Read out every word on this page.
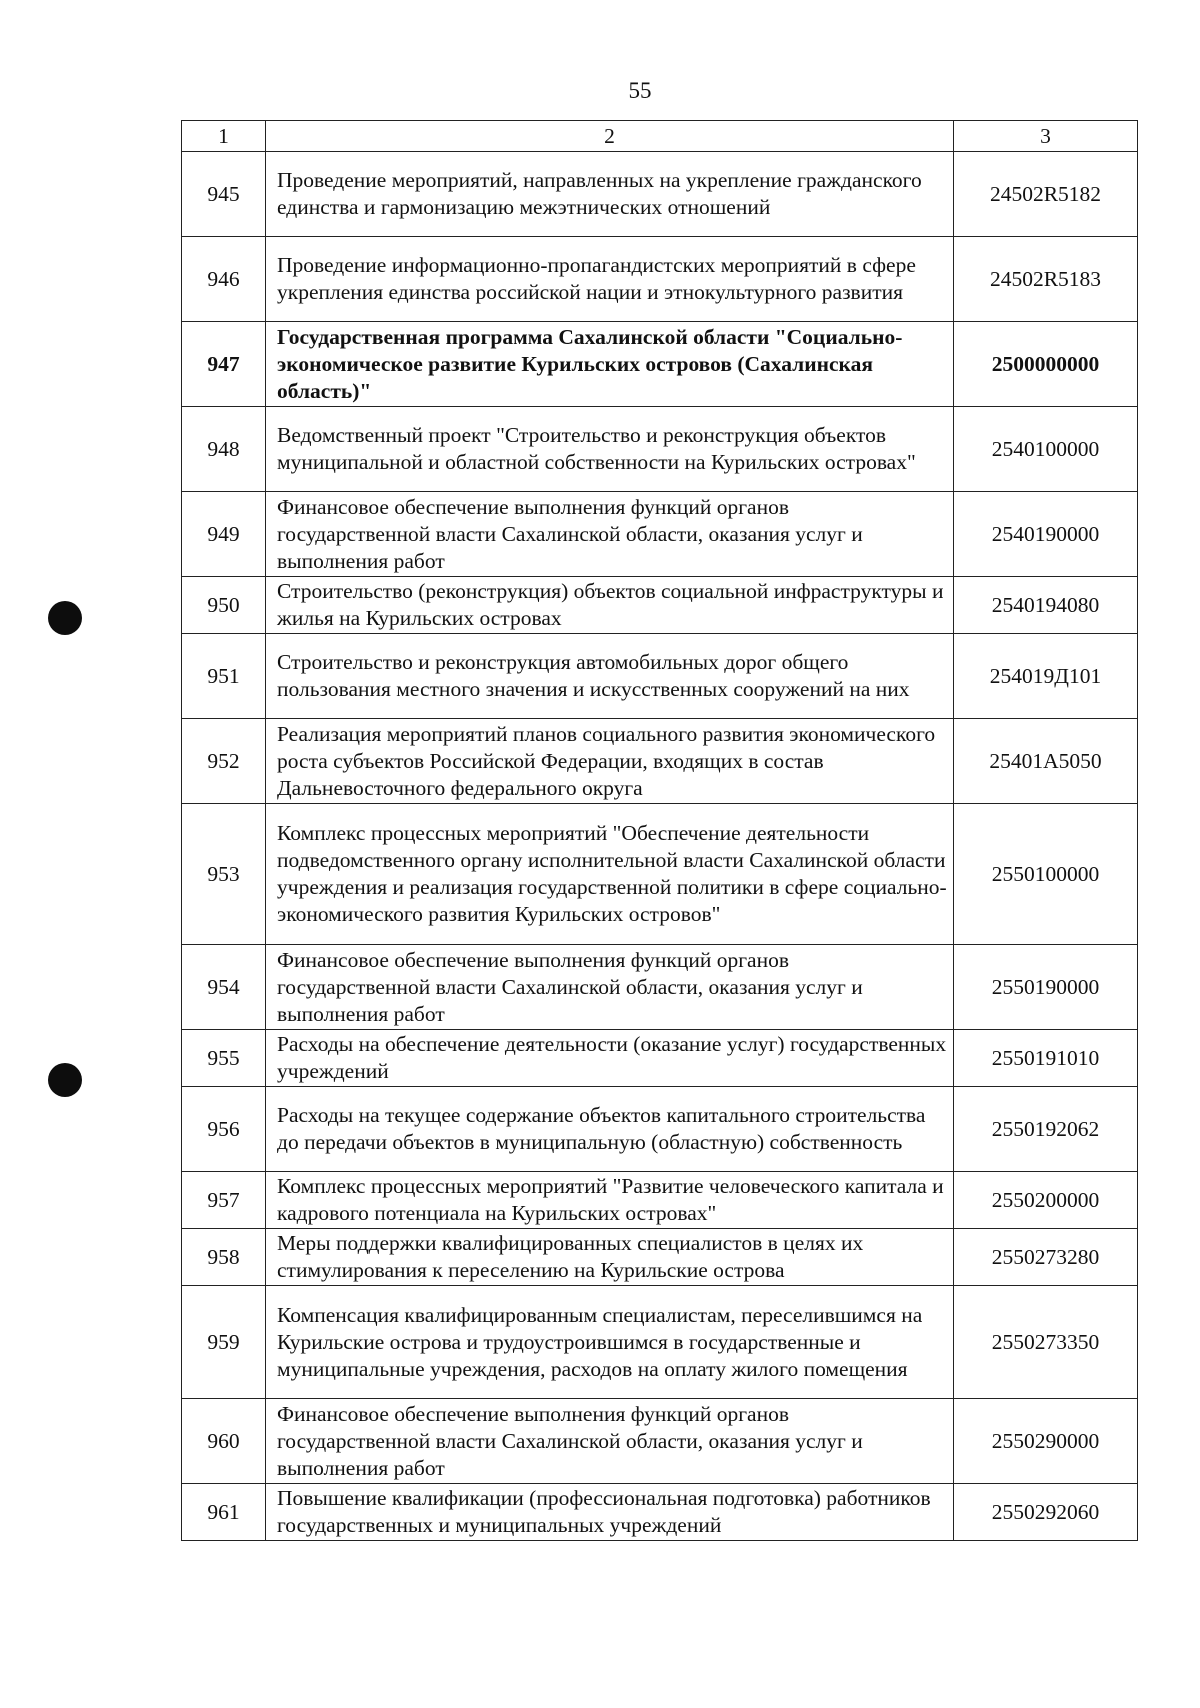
55
1	2	3
945	Проведение мероприятий, направленных на укрепление гражданского единства и гармонизацию межэтнических отношений	24502R5182
946	Проведение информационно-пропагандистских мероприятий в сфере укрепления единства российской нации и этнокультурного развития	24502R5183
947	Государственная программа Сахалинской области "Социально-экономическое развитие Курильских островов (Сахалинская область)"	2500000000
948	Ведомственный проект "Строительство и реконструкция объектов муниципальной и областной собственности на Курильских островах"	2540100000
949	Финансовое обеспечение выполнения функций органов государственной власти Сахалинской области, оказания услуг и выполнения работ	2540190000
950	Строительство (реконструкция) объектов социальной инфраструктуры и жилья на Курильских островах	2540194080
951	Строительство и реконструкция автомобильных дорог общего пользования местного значения и искусственных сооружений на них	254019Д101
952	Реализация мероприятий планов социального развития экономического роста субъектов Российской Федерации, входящих в состав Дальневосточного федерального округа	25401А5050
953	Комплекс процессных мероприятий "Обеспечение деятельности подведомственного органу исполнительной власти Сахалинской области учреждения и реализация государственной политики в сфере социально-экономического развития Курильских островов"	2550100000
954	Финансовое обеспечение выполнения функций органов государственной власти Сахалинской области, оказания услуг и выполнения работ	2550190000
955	Расходы на обеспечение деятельности (оказание услуг) государственных учреждений	2550191010
956	Расходы на текущее содержание объектов капитального строительства до передачи объектов в муниципальную (областную) собственность	2550192062
957	Комплекс процессных мероприятий "Развитие человеческого капитала и кадрового потенциала на Курильских островах"	2550200000
958	Меры поддержки квалифицированных специалистов в целях их стимулирования к переселению на Курильские острова	2550273280
959	Компенсация квалифицированным специалистам, переселившимся на Курильские острова и трудоустроившимся в государственные и муниципальные учреждения, расходов на оплату жилого помещения	2550273350
960	Финансовое обеспечение выполнения функций органов государственной власти Сахалинской области, оказания услуг и выполнения работ	2550290000
961	Повышение квалификации (профессиональная подготовка) работников государственных и муниципальных учреждений	2550292060
